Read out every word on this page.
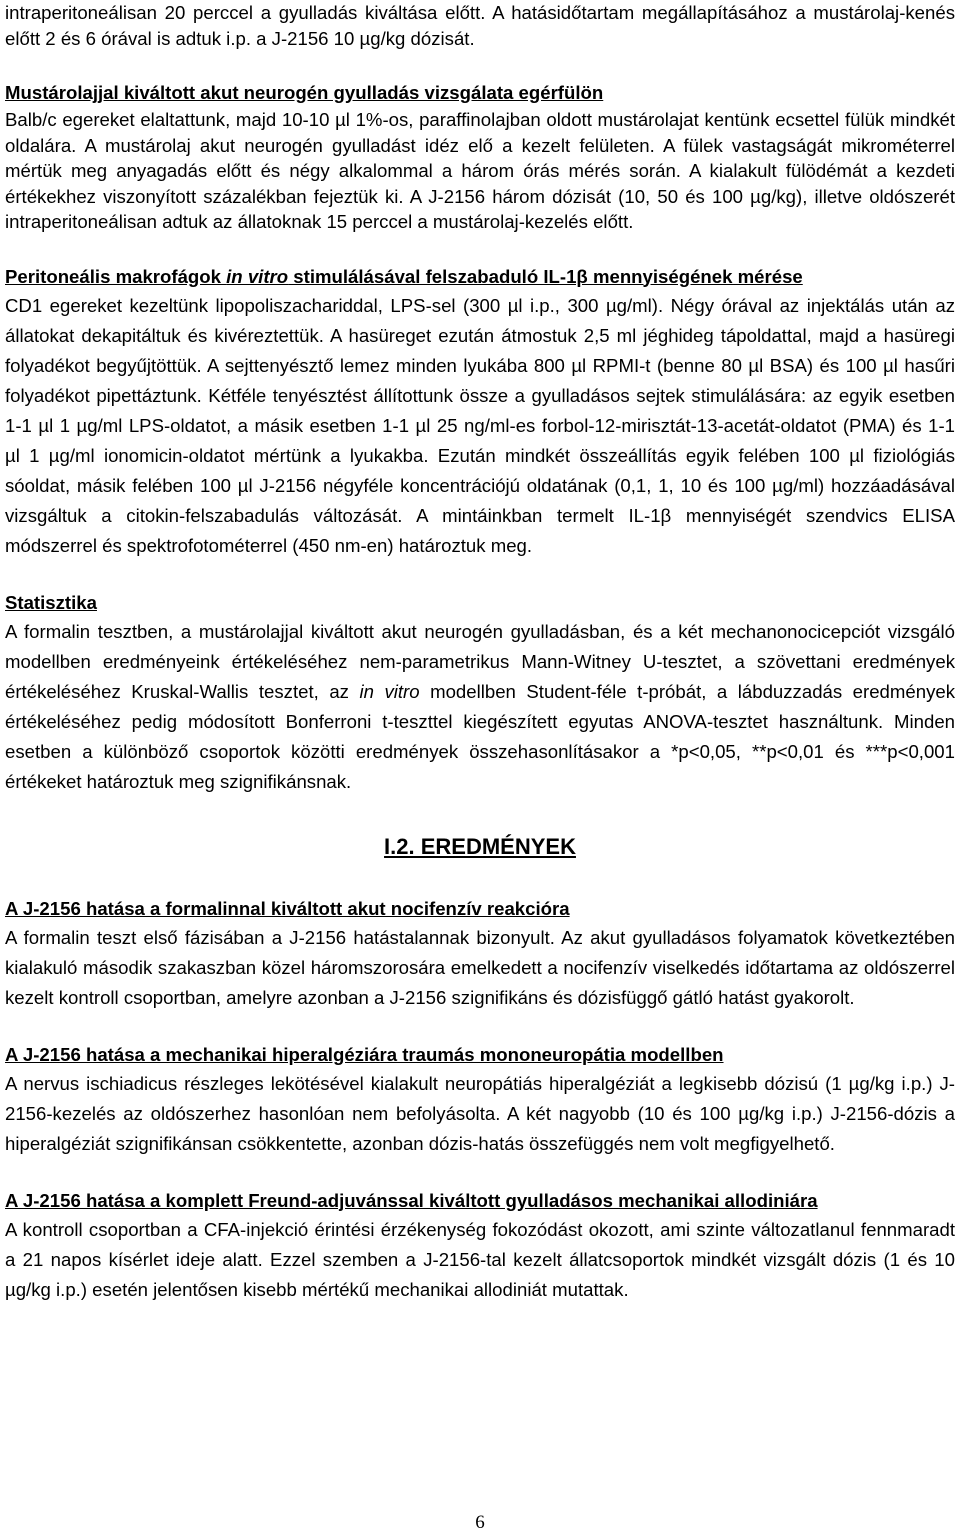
intraperitoneálisan 20 perccel a gyulladás kiváltása előtt. A hatásidőtartam megállapításához a mustárolaj-kenés előtt 2 és 6 órával is adtuk i.p. a J-2156 10 µg/kg dózisát.

Mustárolajjal kiváltott akut neurogén gyulladás vizsgálata egérfülön

Balb/c egereket elaltattunk, majd 10-10 µl 1%-os, paraffinolajban oldott mustárolajat kentünk ecsettel fülük mindkét oldalára. A mustárolaj akut neurogén gyulladást idéz elő a kezelt felületen. A fülek vastagságát mikrométerrel mértük meg anyagadás előtt és négy alkalommal a három órás mérés során. A kialakult fülödémát a kezdeti értékekhez viszonyított százalékban fejeztük ki. A J-2156 három dózisát (10, 50 és 100 µg/kg), illetve oldószerét intraperitoneálisan adtuk az állatoknak 15 perccel a mustárolaj-kezelés előtt.

Peritoneális makrofágok in vitro stimulálásával felszabaduló IL-1β mennyiségének mérése

CD1 egereket kezeltünk lipopoliszachariddal, LPS-sel (300 µl i.p., 300 µg/ml). Négy órával az injektálás után az állatokat dekapitáltuk és kivéreztettük. A hasüreget ezután átmostuk 2,5 ml jéghideg tápoldattal, majd a hasüregi folyadékot begyűjtöttük. A sejttenyésztő lemez minden lyukába 800 µl RPMI-t (benne 80 µl BSA) és 100 µl hasűri folyadékot pipettáztunk. Kétféle tenyésztést állítottunk össze a gyulladásos sejtek stimulálására: az egyik esetben 1-1 µl 1 µg/ml LPS-oldatot, a másik esetben 1-1 µl 25 ng/ml-es forbol-12-mirisztát-13-acetát-oldatot (PMA) és 1-1 µl 1 µg/ml ionomicin-oldatot mértünk a lyukakba. Ezután mindkét összeállítás egyik felében 100 µl fiziológiás sóoldat, másik felében 100 µl J-2156 négyféle koncentrációjú oldatának (0,1, 1, 10 és 100 µg/ml) hozzáadásával vizsgáltuk a citokin-felszabadulás változását. A mintáinkban termelt IL-1β mennyiségét szendvics ELISA módszerrel és spektrofotométerrel (450 nm-en) határoztuk meg.

Statisztika

A formalin tesztben, a mustárolajjal kiváltott akut neurogén gyulladásban, és a két mechanonocicepciót vizsgáló modellben eredményeink értékeléséhez nem-parametrikus Mann-Witney U-tesztet, a szövettani eredmények értékeléséhez Kruskal-Wallis tesztet, az in vitro modellben Student-féle t-próbát, a lábduzzadás eredmények értékeléséhez pedig módosított Bonferroni t-teszttel kiegészített egyutas ANOVA-tesztet használtunk. Minden esetben a különböző csoportok közötti eredmények összehasonlításakor a *p<0,05, **p<0,01 és ***p<0,001 értékeket határoztuk meg szignifikánsnak.

I.2. EREDMÉNYEK

A J-2156 hatása a formalinnal kiváltott akut nocifenzív reakcióra

A formalin teszt első fázisában a J-2156 hatástalannak bizonyult. Az akut gyulladásos folyamatok következtében kialakuló második szakaszban közel háromszorosára emelkedett a nocifenzív viselkedés időtartama az oldószerrel kezelt kontroll csoportban, amelyre azonban a J-2156 szignifikáns és dózisfüggő gátló hatást gyakorolt.

A J-2156 hatása a mechanikai hiperalgéziára traumás mononeuropátia modellben

A nervus ischiadicus részleges lekötésével kialakult neuropátiás hiperalgéziát a legkisebb dózisú (1 µg/kg i.p.) J-2156-kezelés az oldószerhez hasonlóan nem befolyásolta. A két nagyobb (10 és 100 µg/kg i.p.) J-2156-dózis a hiperalgéziát szignifikánsan csökkentette, azonban dózis-hatás összefüggés nem volt megfigyelhető.

A J-2156 hatása a komplett Freund-adjuvánssal kiváltott gyulladásos mechanikai allodiniára

A kontroll csoportban a CFA-injekció érintési érzékenység fokozódást okozott, ami szinte változatlanul fennmaradt a 21 napos kísérlet ideje alatt. Ezzel szemben a J-2156-tal kezelt állatcsoportok mindkét vizsgált dózis (1 és 10 µg/kg i.p.) esetén jelentősen kisebb mértékű mechanikai allodiniát mutattak.

6
